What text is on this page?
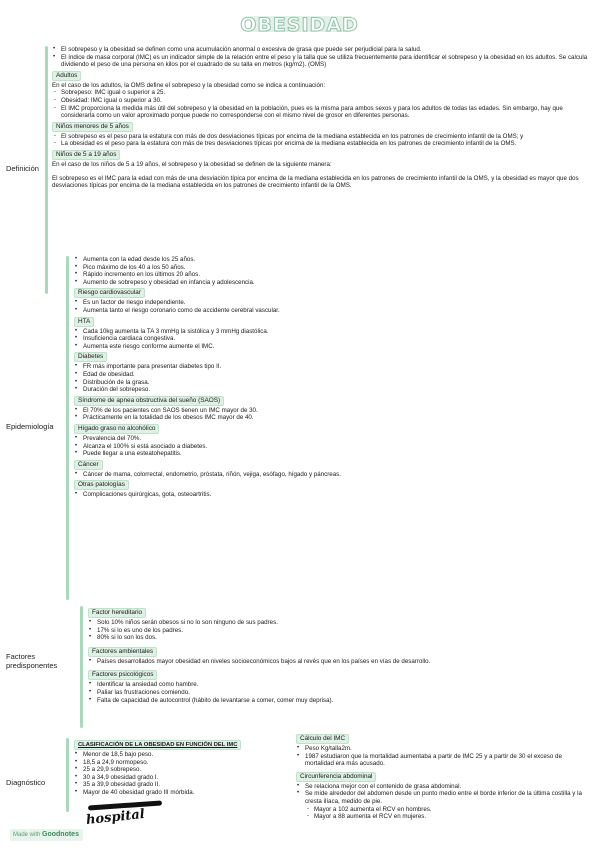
OBESIDAD
Definición
• El sobrepeso y la obesidad se definen como una acumulación anormal o excesiva de grasa que puede ser perjudicial para la salud.
• El índice de masa corporal (IMC) es un indicador simple de la relación entre el peso y la talla que se utiliza frecuentemente para identificar el sobrepeso y la obesidad en los adultos. Se calcula dividiendo el peso de una persona en kilos por el cuadrado de su talla en metros (kg/m2). (OMS)
Adultos

En el caso de los adultos, la OMS define el sobrepeso y la obesidad como se indica a continuación:

- Sobrepeso: IMC igual o superior a 25.
- Obesidad: IMC igual o superior a 30.
- El IMC proporciona la medida más útil del sobrepeso y la obesidad en la población, pues es la misma para ambos sexos y para los adultos de todas las edades. Sin embargo, hay que considerarla como un valor aproximado porque puede no corresponderse con el mismo nivel de grosor en diferentes personas.
Niños menores de 5 años
- El sobrepeso es el peso para la estatura con más de dos desviaciones típicas por encima de la mediana establecida en los patrones de crecimiento infantil de la OMS; y
- La obesidad es el peso para la estatura con más de tres desviaciones típicas por encima de la mediana establecida en los patrones de crecimiento infantil de la OMS.
Niños de 5 a 19 años

En el caso de los niños de 5 a 19 años, el sobrepeso y la obesidad se definen de la siguiente manera:

El sobrepeso es el IMC para la edad con más de una desviación típica por encima de la mediana establecida en los patrones de crecimiento infantil de la OMS, y la obesidad es mayor que dos desviaciones típicas por encima de la mediana establecida en los patrones de crecimiento infantil de la OMS.

Epidemiología
• Aumenta con la edad desde los 25 años.
• Pico máximo de los 40 a los 50 años.
• Rápido incremento en los últimos 20 años.
• Aumento de sobrepeso y obesidad en infancia y adolescencia.
Riesgo cardiovascular
• Es un factor de riesgo independiente.
• Aumenta tanto el riesgo coronario como de accidente cerebral vascular.
HTA
• Cada 10kg aumenta la TA 3 mmHg la sistólica y 3 mmHg diastólica.
• Insuficiencia cardiaca congestiva.
• Aumenta este riesgo conforme aumente el IMC.
Diabetes
• FR más importante para presentar diabetes tipo II.
• Edad de obesidad.
• Distribución de la grasa.
• Duración del sobrepeso.
Síndrome de apnea obstructiva del sueño (SAOS)
• El 70% de los pacientes con SAOS tienen un IMC mayor de 30.
• Prácticamente en la totalidad de los obesos IMC mayor de 40.
Hígado graso no alcohólico
• Prevalencia del 70%.
• Alcanza el 100% si está asociado a diabetes.
• Puede llegar a una esteatohepatitis.
Cáncer
• Cáncer de mama, colorrectal, endometrio, próstata, riñón, vejiga, esófago, hígado y páncreas.
Otras patologías
• Complicaciones quirúrgicas, gota, osteoartritis.
Factores predisponentes
Factor hereditario
• Solo 10% niños serán obesos si no lo son ninguno de sus padres.
• 17% si lo es uno de los padres.
• 80% si lo son los dos.
Factores ambientales
• Países desarrollados mayor obesidad en niveles socioeconómicos bajos al revés que en los países en vías de desarrollo.
Factores psicológicos
• Identificar la ansiedad como hambre.
• Paliar las frustraciones comiendo.
• Falta de capacidad de autocontrol (hábito de levantarse a comer, comer muy deprisa).
Diagnóstico
CLASIFICACIÓN DE LA OBESIDAD EN FUNCIÓN DEL IMC
• Menor de 18,5 bajo peso.
• 18,5 a 24,9 normopeso.
• 25 a 29,9 sobrepeso.
• 30 a 34,9 obesidad grado I.
• 35 a 39,9 obesidad grado II.
• Mayor de 40 obesidad grado III mórbida.
Cálculo del IMC
• Peso Kg/talla2m.
• 1987 estudiaron que la mortalidad aumentaba a partir de IMC 25 y a partir de 30 el exceso de mortalidad era más acusado.
Circunferencia abdominal
• Se relaciona mejor con el contenido de grasa abdominal.
• Se mide alrededor del abdomen desde un punto medio entre el borde inferior de la última costilla y la cresta ilíaca, medido de pie.
- Mayor a 102 aumenta el RCV en hombres.
- Mayor a 88 aumenta el RCV en mujeres.
hospital
Made with Goodnotes
